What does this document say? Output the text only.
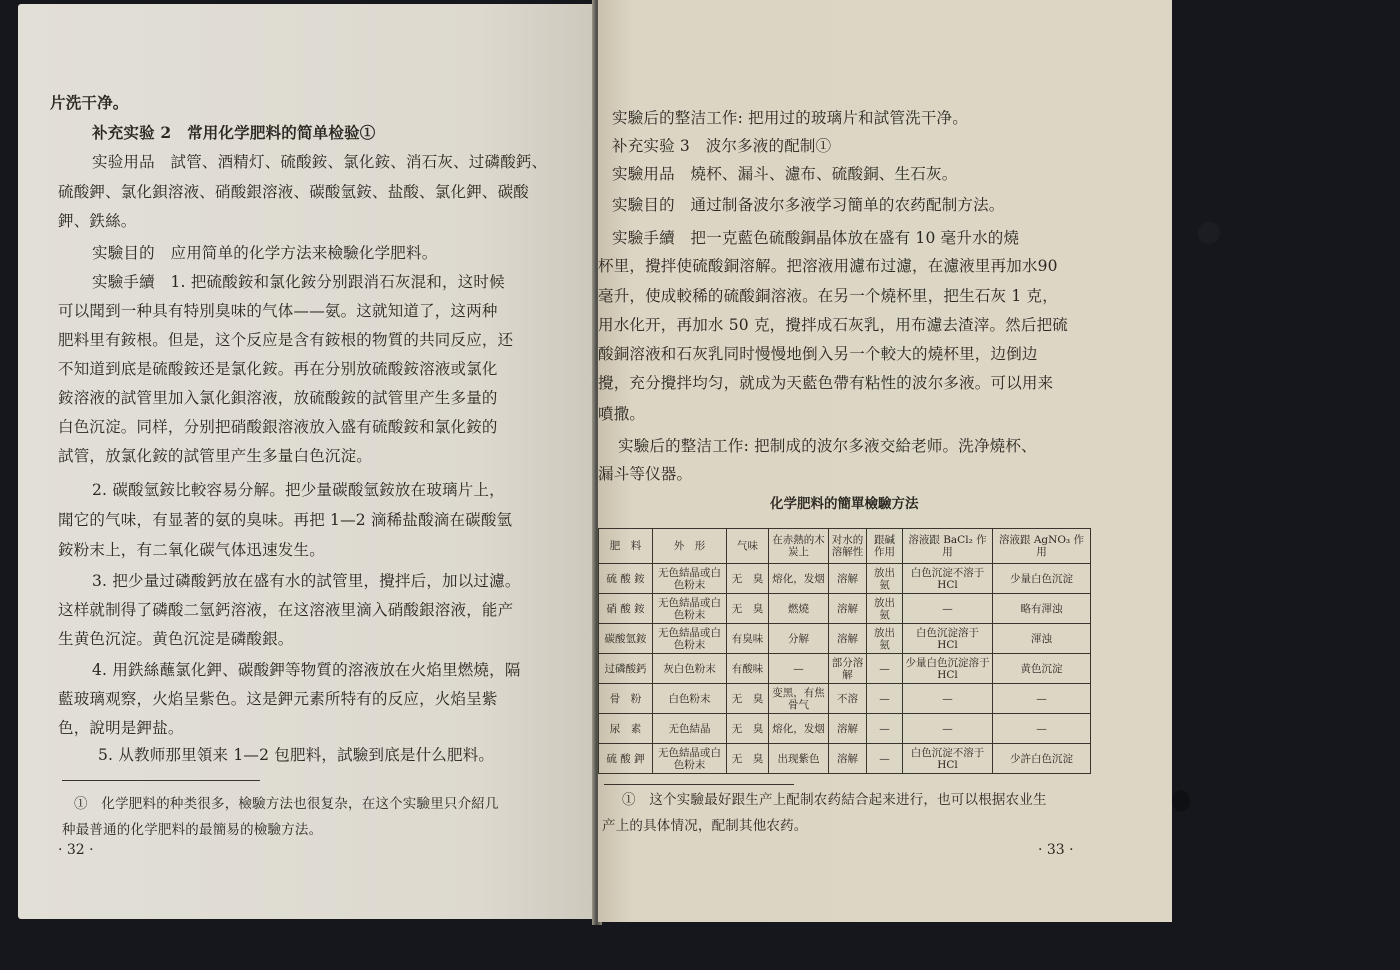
片洗干净。
补充实验 2　常用化学肥料的简单检验①
实验用品　試管、酒精灯、硫酸銨、氯化銨、消石灰、过磷酸鈣、
硫酸鉀、氯化鋇溶液、硝酸銀溶液、碳酸氫銨、盐酸、氯化鉀、碳酸
鉀、鉄絲。
实驗目的　应用简单的化学方法来檢驗化学肥料。
实驗手續　1. 把硫酸銨和氯化銨分别跟消石灰混和，这时候
可以聞到一种具有特別臭味的气体——氨。这就知道了，这两种
肥料里有銨根。但是，这个反应是含有銨根的物質的共同反应，还
不知道到底是硫酸銨还是氯化銨。再在分别放硫酸銨溶液或氯化
銨溶液的試管里加入氯化鋇溶液，放硫酸銨的試管里产生多量的
白色沉淀。同样，分别把硝酸銀溶液放入盛有硫酸銨和氯化銨的
試管，放氯化銨的試管里产生多量白色沉淀。
2. 碳酸氫銨比較容易分解。把少量碳酸氫銨放在玻璃片上，
聞它的气味，有显著的氨的臭味。再把 1—2 滴稀盐酸滴在碳酸氫
銨粉末上，有二氧化碳气体迅速发生。
3. 把少量过磷酸鈣放在盛有水的試管里，攪拌后，加以过濾。
这样就制得了磷酸二氫鈣溶液，在这溶液里滴入硝酸銀溶液，能产
生黄色沉淀。黄色沉淀是磷酸銀。
4. 用鉄絲蘸氯化鉀、碳酸鉀等物質的溶液放在火焰里燃燒，隔
藍玻璃观察，火焰呈紫色。这是鉀元素所特有的反应，火焰呈紫
色，說明是鉀盐。
5. 从教师那里領来 1—2 包肥料，試驗到底是什么肥料。
①　化学肥料的种类很多，檢驗方法也很复杂，在这个实驗里只介紹几
种最普通的化学肥料的最簡易的檢驗方法。
· 32 ·
实驗后的整洁工作: 把用过的玻璃片和試管洗干净。
补充实验 3　波尔多液的配制①
实驗用品　燒杯、漏斗、濾布、硫酸銅、生石灰。
实驗目的　通过制备波尔多液学习簡单的农药配制方法。
实驗手續　把一克藍色硫酸銅晶体放在盛有 10 毫升水的燒
杯里，攪拌使硫酸銅溶解。把溶液用濾布过濾，在濾液里再加水90
毫升，使成較稀的硫酸銅溶液。在另一个燒杯里，把生石灰 1 克，
用水化开，再加水 50 克，攪拌成石灰乳，用布濾去渣滓。然后把硫
酸銅溶液和石灰乳同时慢慢地倒入另一个較大的燒杯里，边倒边
攪，充分攪拌均匀，就成为天藍色帶有粘性的波尔多液。可以用来
噴撒。
实驗后的整洁工作: 把制成的波尔多液交給老师。洗净燒杯、
漏斗等仪器。
化学肥料的簡單檢驗方法
肥　料	外　形	气味	在赤熱的木炭上	对水的溶解性	跟碱作用	溶液跟 BaCl₂ 作用	溶液跟 AgNO₃ 作用
硫 酸 銨	无色結晶或白色粉末	无　臭	熔化，发烟	溶解	放出氨	白色沉淀不溶于 HCl	少量白色沉淀
硝 酸 銨	无色結晶或白色粉末	无　臭	燃燒	溶解	放出氨	—	略有渾浊
碳酸氫銨	无色結晶或白色粉末	有臭味	分解	溶解	放出氨	白色沉淀溶于 HCl	渾浊
过磷酸鈣	灰白色粉末	有酸味	—	部分溶解	—	少量白色沉淀溶于 HCl	黄色沉淀
骨　粉	白色粉末	无　臭	变黑，有焦骨气	不溶	—	—	—
尿　素	无色結晶	无　臭	熔化，发烟	溶解	—	—	—
硫 酸 鉀	无色結晶或白色粉末	无　臭	出现紫色	溶解	—	白色沉淀不溶于 HCl	少許白色沉淀
①　这个实驗最好跟生产上配制农药結合起来进行，也可以根据农业生
产上的具体情况，配制其他农药。
· 33 ·
